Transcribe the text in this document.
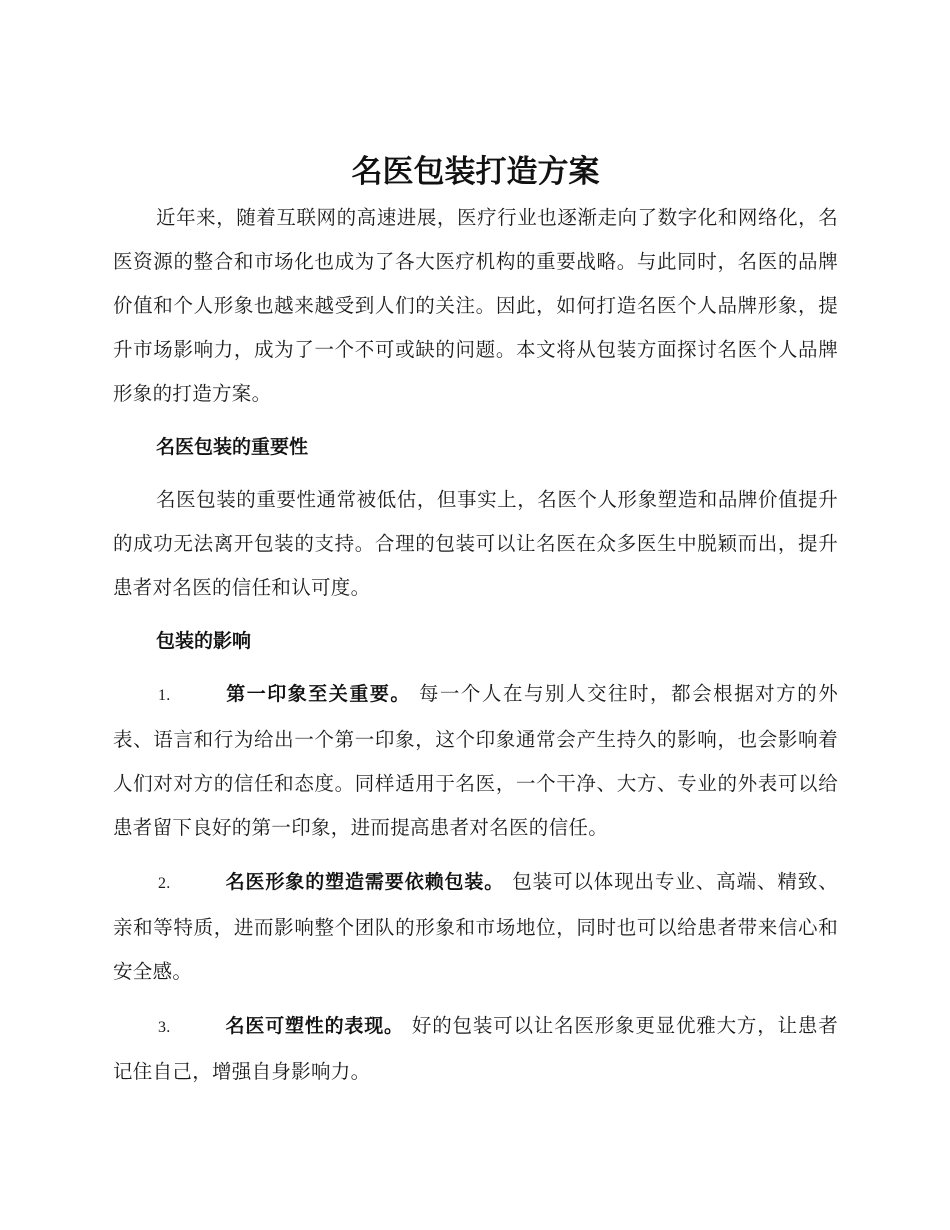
名医包装打造方案

近年来，随着互联网的高速进展，医疗行业也逐渐走向了数字化和网络化，名医资源的整合和市场化也成为了各大医疗机构的重要战略。与此同时，名医的品牌价值和个人形象也越来越受到人们的关注。因此，如何打造名医个人品牌形象，提升市场影响力，成为了一个不可或缺的问题。本文将从包装方面探讨名医个人品牌形象的打造方案。

名医包装的重要性

名医包装的重要性通常被低估，但事实上，名医个人形象塑造和品牌价值提升的成功无法离开包装的支持。合理的包装可以让名医在众多医生中脱颖而出，提升患者对名医的信任和认可度。

包装的影响

1.	第一印象至关重要。 每一个人在与别人交往时，都会根据对方的外表、语言和行为给出一个第一印象，这个印象通常会产生持久的影响，也会影响着人们对对方的信任和态度。同样适用于名医，一个干净、大方、专业的外表可以给患者留下良好的第一印象，进而提高患者对名医的信任。

2.	名医形象的塑造需要依赖包装。 包装可以体现出专业、高端、精致、亲和等特质，进而影响整个团队的形象和市场地位，同时也可以给患者带来信心和安全感。

3.	名医可塑性的表现。 好的包装可以让名医形象更显优雅大方，让患者记住自己，增强自身影响力。
